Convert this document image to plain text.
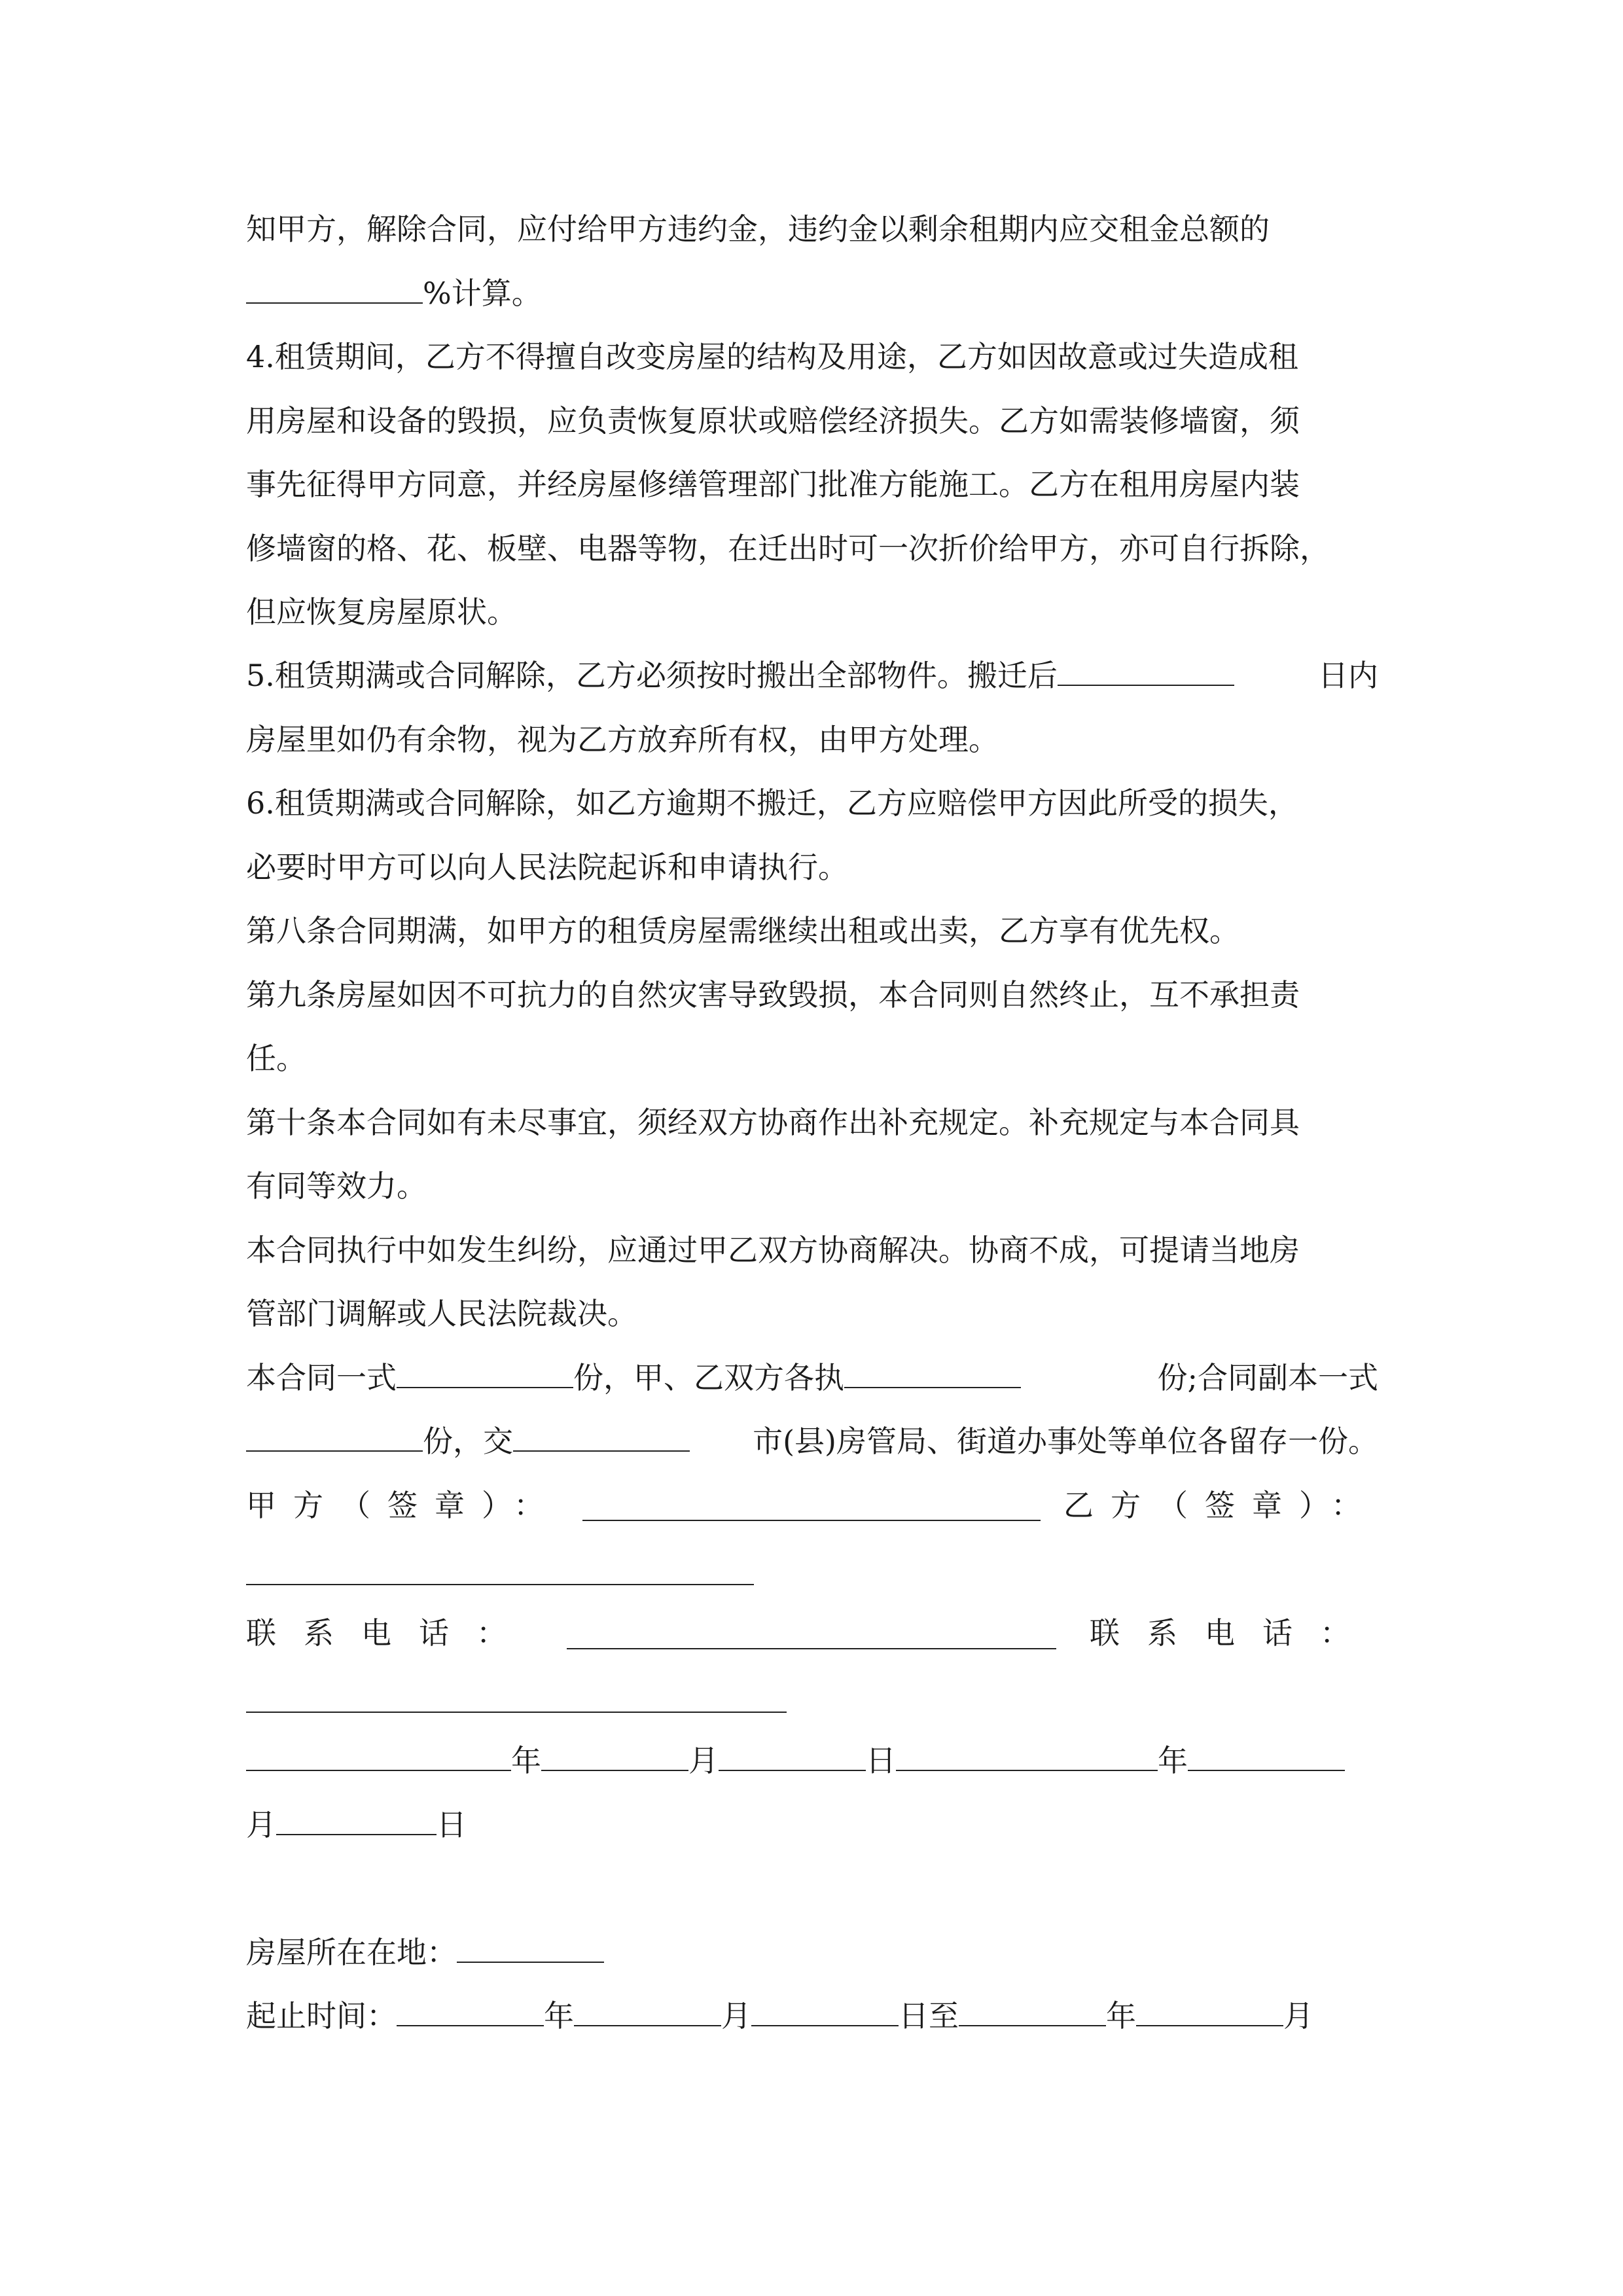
知甲方，解除合同，应付给甲方违约金，违约金以剩余租期内应交租金总额的
%计算。
4.租赁期间，乙方不得擅自改变房屋的结构及用途，乙方如因故意或过失造成租
用房屋和设备的毁损，应负责恢复原状或赔偿经济损失。乙方如需装修墙窗，须
事先征得甲方同意，并经房屋修缮管理部门批准方能施工。乙方在租用房屋内装
修墙窗的格、花、板壁、电器等物，在迁出时可一次折价给甲方，亦可自行拆除，
但应恢复房屋原状。
5.租赁期满或合同解除，乙方必须按时搬出全部物件。搬迁后	日内
房屋里如仍有余物，视为乙方放弃所有权，由甲方处理。
6.租赁期满或合同解除，如乙方逾期不搬迁，乙方应赔偿甲方因此所受的损失，
必要时甲方可以向人民法院起诉和申请执行。
第八条合同期满，如甲方的租赁房屋需继续出租或出卖，乙方享有优先权。
第九条房屋如因不可抗力的自然灾害导致毁损，本合同则自然终止，互不承担责
任。
第十条本合同如有未尽事宜，须经双方协商作出补充规定。补充规定与本合同具
有同等效力。
本合同执行中如发生纠纷，应通过甲乙双方协商解决。协商不成，可提请当地房
管部门调解或人民法院裁决。
本合同一式	份，甲、乙双方各执	份;合同副本一式
份，交	市(县)房管局、街道办事处等单位各留存一份。
甲方（签章）：	乙方（签章）：
联系电话：	联系电话：
年	月	日	年
月	日
房屋所在在地：
起止时间：	年	月	日至	年	月
